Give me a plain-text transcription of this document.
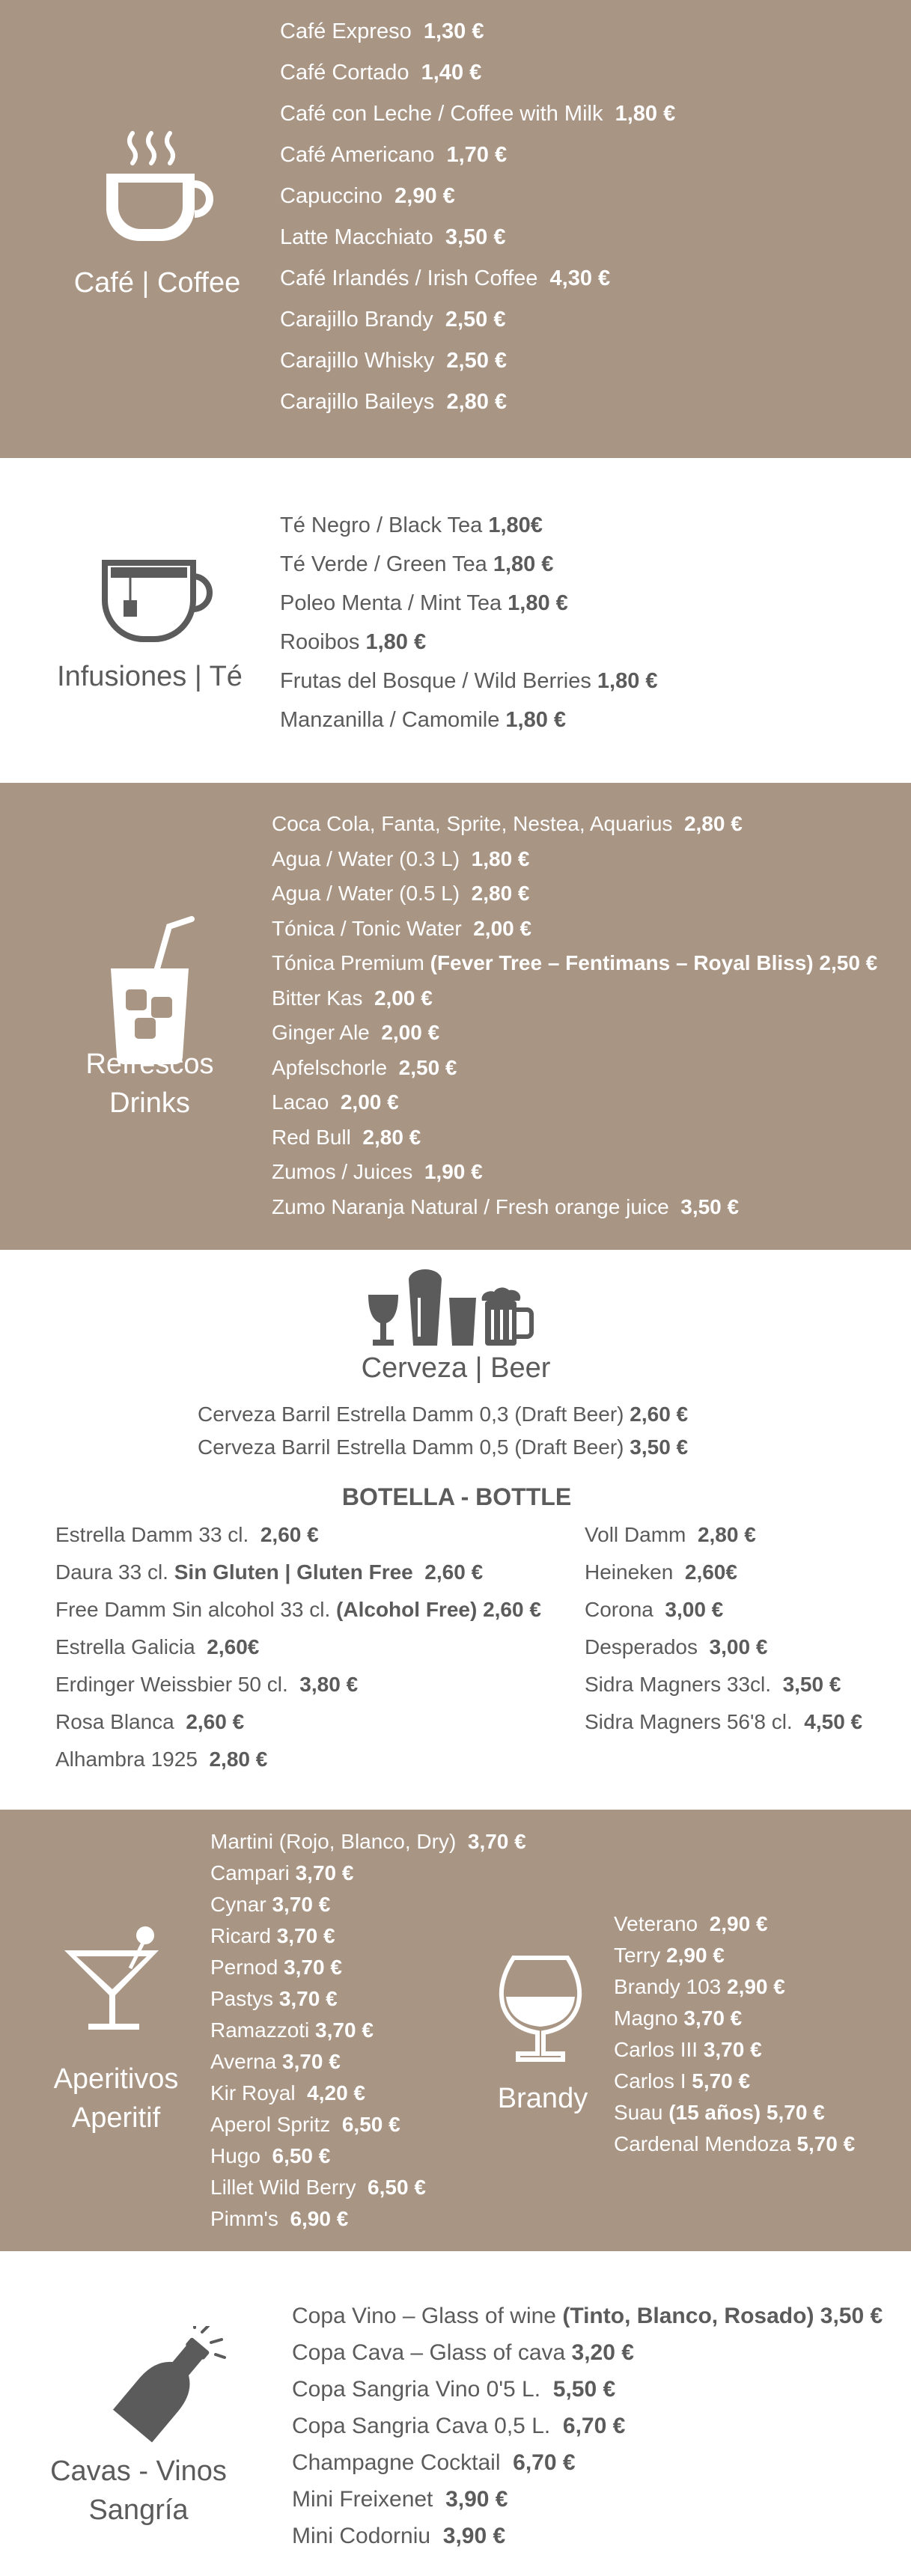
Café | Coffee
Café Expreso 1,30 €
Café Cortado 1,40 €
Café con Leche / Coffee with Milk 1,80 €
Café Americano 1,70 €
Capuccino 2,90 €
Latte Macchiato 3,50 €
Café Irlandés / Irish Coffee 4,30 €
Carajillo Brandy 2,50 €
Carajillo Whisky 2,50 €
Carajillo Baileys 2,80 €
Infusiones | Té
Té Negro / Black Tea 1,80€
Té Verde / Green Tea 1,80 €
Poleo Menta / Mint Tea 1,80 €
Rooibos 1,80 €
Frutas del Bosque / Wild Berries 1,80 €
Manzanilla / Camomile 1,80 €
Refrescos
Drinks
Coca Cola, Fanta, Sprite, Nestea, Aquarius 2,80 €
Agua / Water (0.3 L) 1,80 €
Agua / Water (0.5 L) 2,80 €
Tónica / Tonic Water 2,00 €
Tónica Premium (Fever Tree – Fentimans – Royal Bliss) 2,50 €
Bitter Kas 2,00 €
Ginger Ale 2,00 €
Apfelschorle 2,50 €
Lacao 2,00 €
Red Bull 2,80 €
Zumos / Juices 1,90 €
Zumo Naranja Natural / Fresh orange juice 3,50 €
Cerveza | Beer
Cerveza Barril Estrella Damm 0,3 (Draft Beer) 2,60 €
Cerveza Barril Estrella Damm 0,5 (Draft Beer) 3,50 €
BOTELLA - BOTTLE
Estrella Damm 33 cl. 2,60 €
Daura 33 cl. Sin Gluten | Gluten Free 2,60 €
Free Damm Sin alcohol 33 cl. (Alcohol Free) 2,60 €
Estrella Galicia 2,60€
Erdinger Weissbier 50 cl. 3,80 €
Rosa Blanca 2,60 €
Alhambra 1925 2,80 €
Voll Damm 2,80 €
Heineken 2,60€
Corona 3,00 €
Desperados 3,00 €
Sidra Magners 33cl. 3,50 €
Sidra Magners 56'8 cl. 4,50 €
Aperitivos
Aperitif
Martini (Rojo, Blanco, Dry) 3,70 €
Campari 3,70 €
Cynar 3,70 €
Ricard 3,70 €
Pernod 3,70 €
Pastys 3,70 €
Ramazzoti 3,70 €
Averna 3,70 €
Kir Royal 4,20 €
Aperol Spritz 6,50 €
Hugo 6,50 €
Lillet Wild Berry 6,50 €
Pimm's 6,90 €
Brandy
Veterano 2,90 €
Terry 2,90 €
Brandy 103 2,90 €
Magno 3,70 €
Carlos III 3,70 €
Carlos I 5,70 €
Suau (15 años) 5,70 €
Cardenal Mendoza 5,70 €
Cavas - Vinos
Sangría
Copa Vino – Glass of wine (Tinto, Blanco, Rosado) 3,50 €
Copa Cava – Glass of cava 3,20 €
Copa Sangria Vino 0'5 L. 5,50 €
Copa Sangria Cava 0,5 L. 6,70 €
Champagne Cocktail 6,70 €
Mini Freixenet 3,90 €
Mini Codorniu 3,90 €
